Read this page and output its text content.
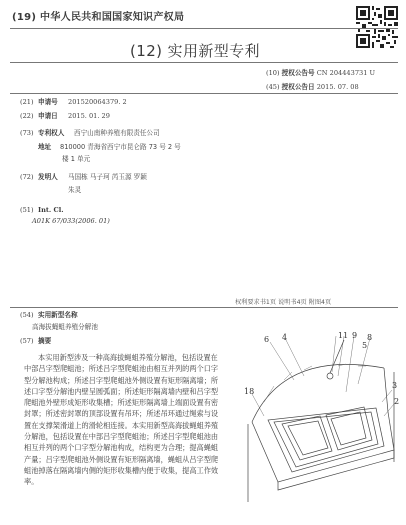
(19) 中华人民共和国国家知识产权局
(12) 实用新型专利
(10) 授权公告号 CN 204443731 U
(45) 授权公告日 2015. 07. 08
(21) 申请号 201520064379. 2
(22) 申请日 2015. 01. 29
(73) 专利权人 西宁山南种养殖有限责任公司
地址 810000 青海省西宁市昆仑路 73 号 2 号
楼 1 单元
(72) 发明人 马国栋 马子珂 芮玉源 罗颖
朱灵
(51) Int. Cl.
A01K 67/033(2006. 01)
权利要求书1页 说明书4页 附图4页
(54) 实用新型名称
高海拔蝇蛆养殖分解池
(57) 摘要
本实用新型涉及一种高海拔蝇蛆养殖分解池，包括设置在中部吕字型爬蛆池；所述吕字型爬蛆池由相互并列的两个口字型分解池构成；所述吕字型爬蛆池外侧设置有矩形隔离墙；所述口字型分解池内壁呈圆弧面；所述矩形隔离墙内壁和吕字型爬蛆池外壁形成矩形收集槽；所述矩形隔离墙上端面设置有密封罩；所述密封罩的顶部设置有吊环；所述吊环通过绳索与设置在支撑架滑道上的滑轮相连接。本实用新型高海拔蝇蛆养殖分解池，包括设置在中部吕字型爬蛆池；所述吕字型爬蛆池由相互并列的两个口字型分解池构成，结构更为合理；提高蝇蛆产量；吕字型爬蛆池外侧设置有矩形隔离墙，蝇蛆从吕字型爬蛆池掉落在隔离墙内侧的矩形收集槽内便于收集，提高工作效率。
6 4	11 9 8
5
18
3
2
